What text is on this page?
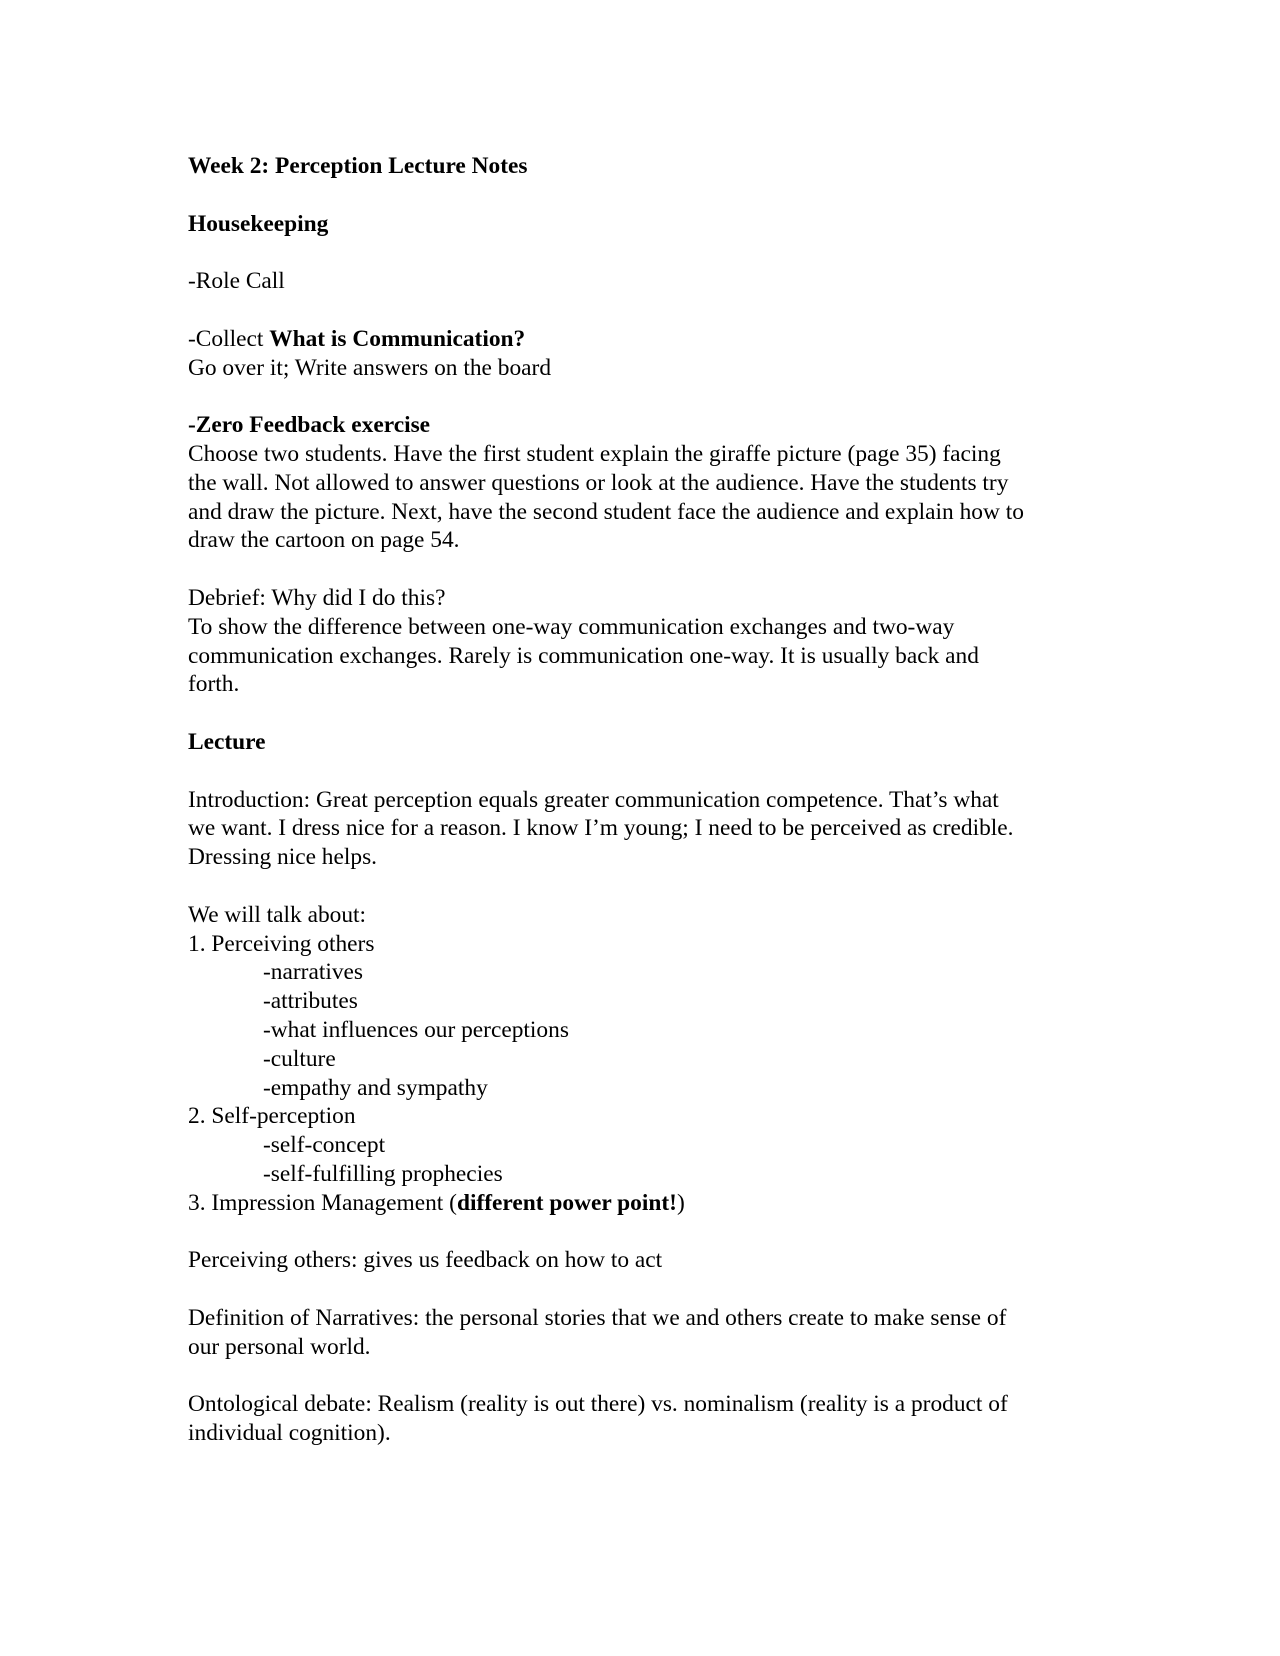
Week 2: Perception Lecture Notes
Housekeeping
-Role Call
-Collect What is Communication?
Go over it; Write answers on the board
-Zero Feedback exercise
Choose two students. Have the first student explain the giraffe picture (page 35) facing
the wall. Not allowed to answer questions or look at the audience. Have the students try
and draw the picture. Next, have the second student face the audience and explain how to
draw the cartoon on page 54.
Debrief: Why did I do this?
To show the difference between one-way communication exchanges and two-way
communication exchanges. Rarely is communication one-way. It is usually back and
forth.
Lecture
Introduction: Great perception equals greater communication competence. That’s what
we want. I dress nice for a reason. I know I’m young; I need to be perceived as credible.
Dressing nice helps.
We will talk about:
1. Perceiving others
-narratives
-attributes
-what influences our perceptions
-culture
-empathy and sympathy
2. Self-perception
-self-concept
-self-fulfilling prophecies
3. Impression Management (different power point!)
Perceiving others: gives us feedback on how to act
Definition of Narratives: the personal stories that we and others create to make sense of
our personal world.
Ontological debate: Realism (reality is out there) vs. nominalism (reality is a product of
individual cognition).
